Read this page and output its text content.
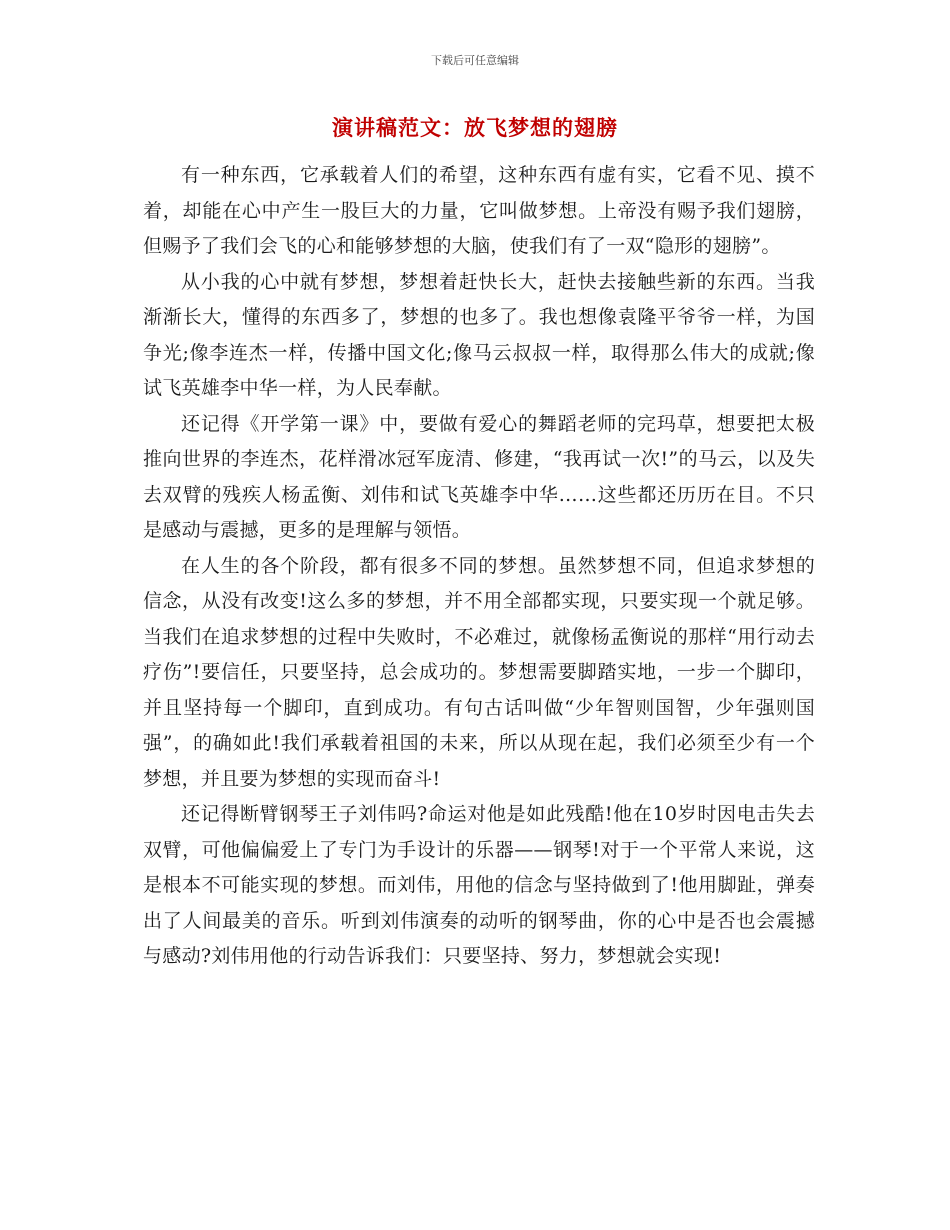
下载后可任意编辑
演讲稿范文：放飞梦想的翅膀

有一种东西，它承载着人们的希望，这种东西有虚有实，它看不见、摸不着，却能在心中产生一股巨大的力量，它叫做梦想。上帝没有赐予我们翅膀，但赐予了我们会飞的心和能够梦想的大脑，使我们有了一双“隐形的翅膀”。

从小我的心中就有梦想，梦想着赶快长大，赶快去接触些新的东西。当我渐渐长大，懂得的东西多了，梦想的也多了。我也想像袁隆平爷爷一样，为国争光;像李连杰一样，传播中国文化;像马云叔叔一样，取得那么伟大的成就;像试飞英雄李中华一样，为人民奉献。

还记得《开学第一课》中，要做有爱心的舞蹈老师的完玛草，想要把太极推向世界的李连杰，花样滑冰冠军庞清、修建，“我再试一次!”的马云，以及失去双臂的残疾人杨孟衡、刘伟和试飞英雄李中华……这些都还历历在目。不只是感动与震撼，更多的是理解与领悟。

在人生的各个阶段，都有很多不同的梦想。虽然梦想不同，但追求梦想的信念，从没有改变!这么多的梦想，并不用全部都实现，只要实现一个就足够。当我们在追求梦想的过程中失败时，不必难过，就像杨孟衡说的那样“用行动去疗伤”!要信任，只要坚持，总会成功的。梦想需要脚踏实地，一步一个脚印，并且坚持每一个脚印，直到成功。有句古话叫做“少年智则国智，少年强则国强”，的确如此!我们承载着祖国的未来，所以从现在起，我们必须至少有一个梦想，并且要为梦想的实现而奋斗!

还记得断臂钢琴王子刘伟吗?命运对他是如此残酷!他在10岁时因电击失去双臂，可他偏偏爱上了专门为手设计的乐器——钢琴!对于一个平常人来说，这是根本不可能实现的梦想。而刘伟，用他的信念与坚持做到了!他用脚趾，弹奏出了人间最美的音乐。听到刘伟演奏的动听的钢琴曲，你的心中是否也会震撼与感动?刘伟用他的行动告诉我们：只要坚持、努力，梦想就会实现!
